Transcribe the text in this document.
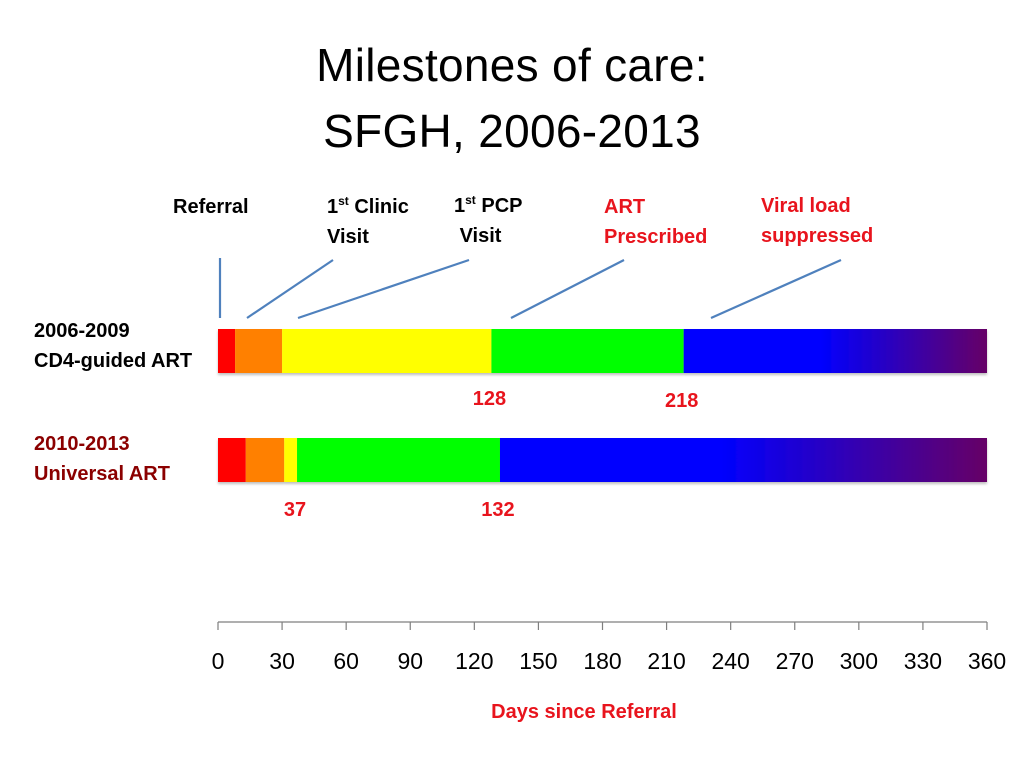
Milestones of care:
SFGH, 2006-2013
Referral	1st Clinic
Visit
1st PCP
Visit
ART
Prescribed
Viral load
suppressed
2006-2009
CD4-guided ART
2010-2013
Universal ART
0 30 60 90 120 150 180 210 240 270 300 330 360
Days since Referral
128	218
37	132
